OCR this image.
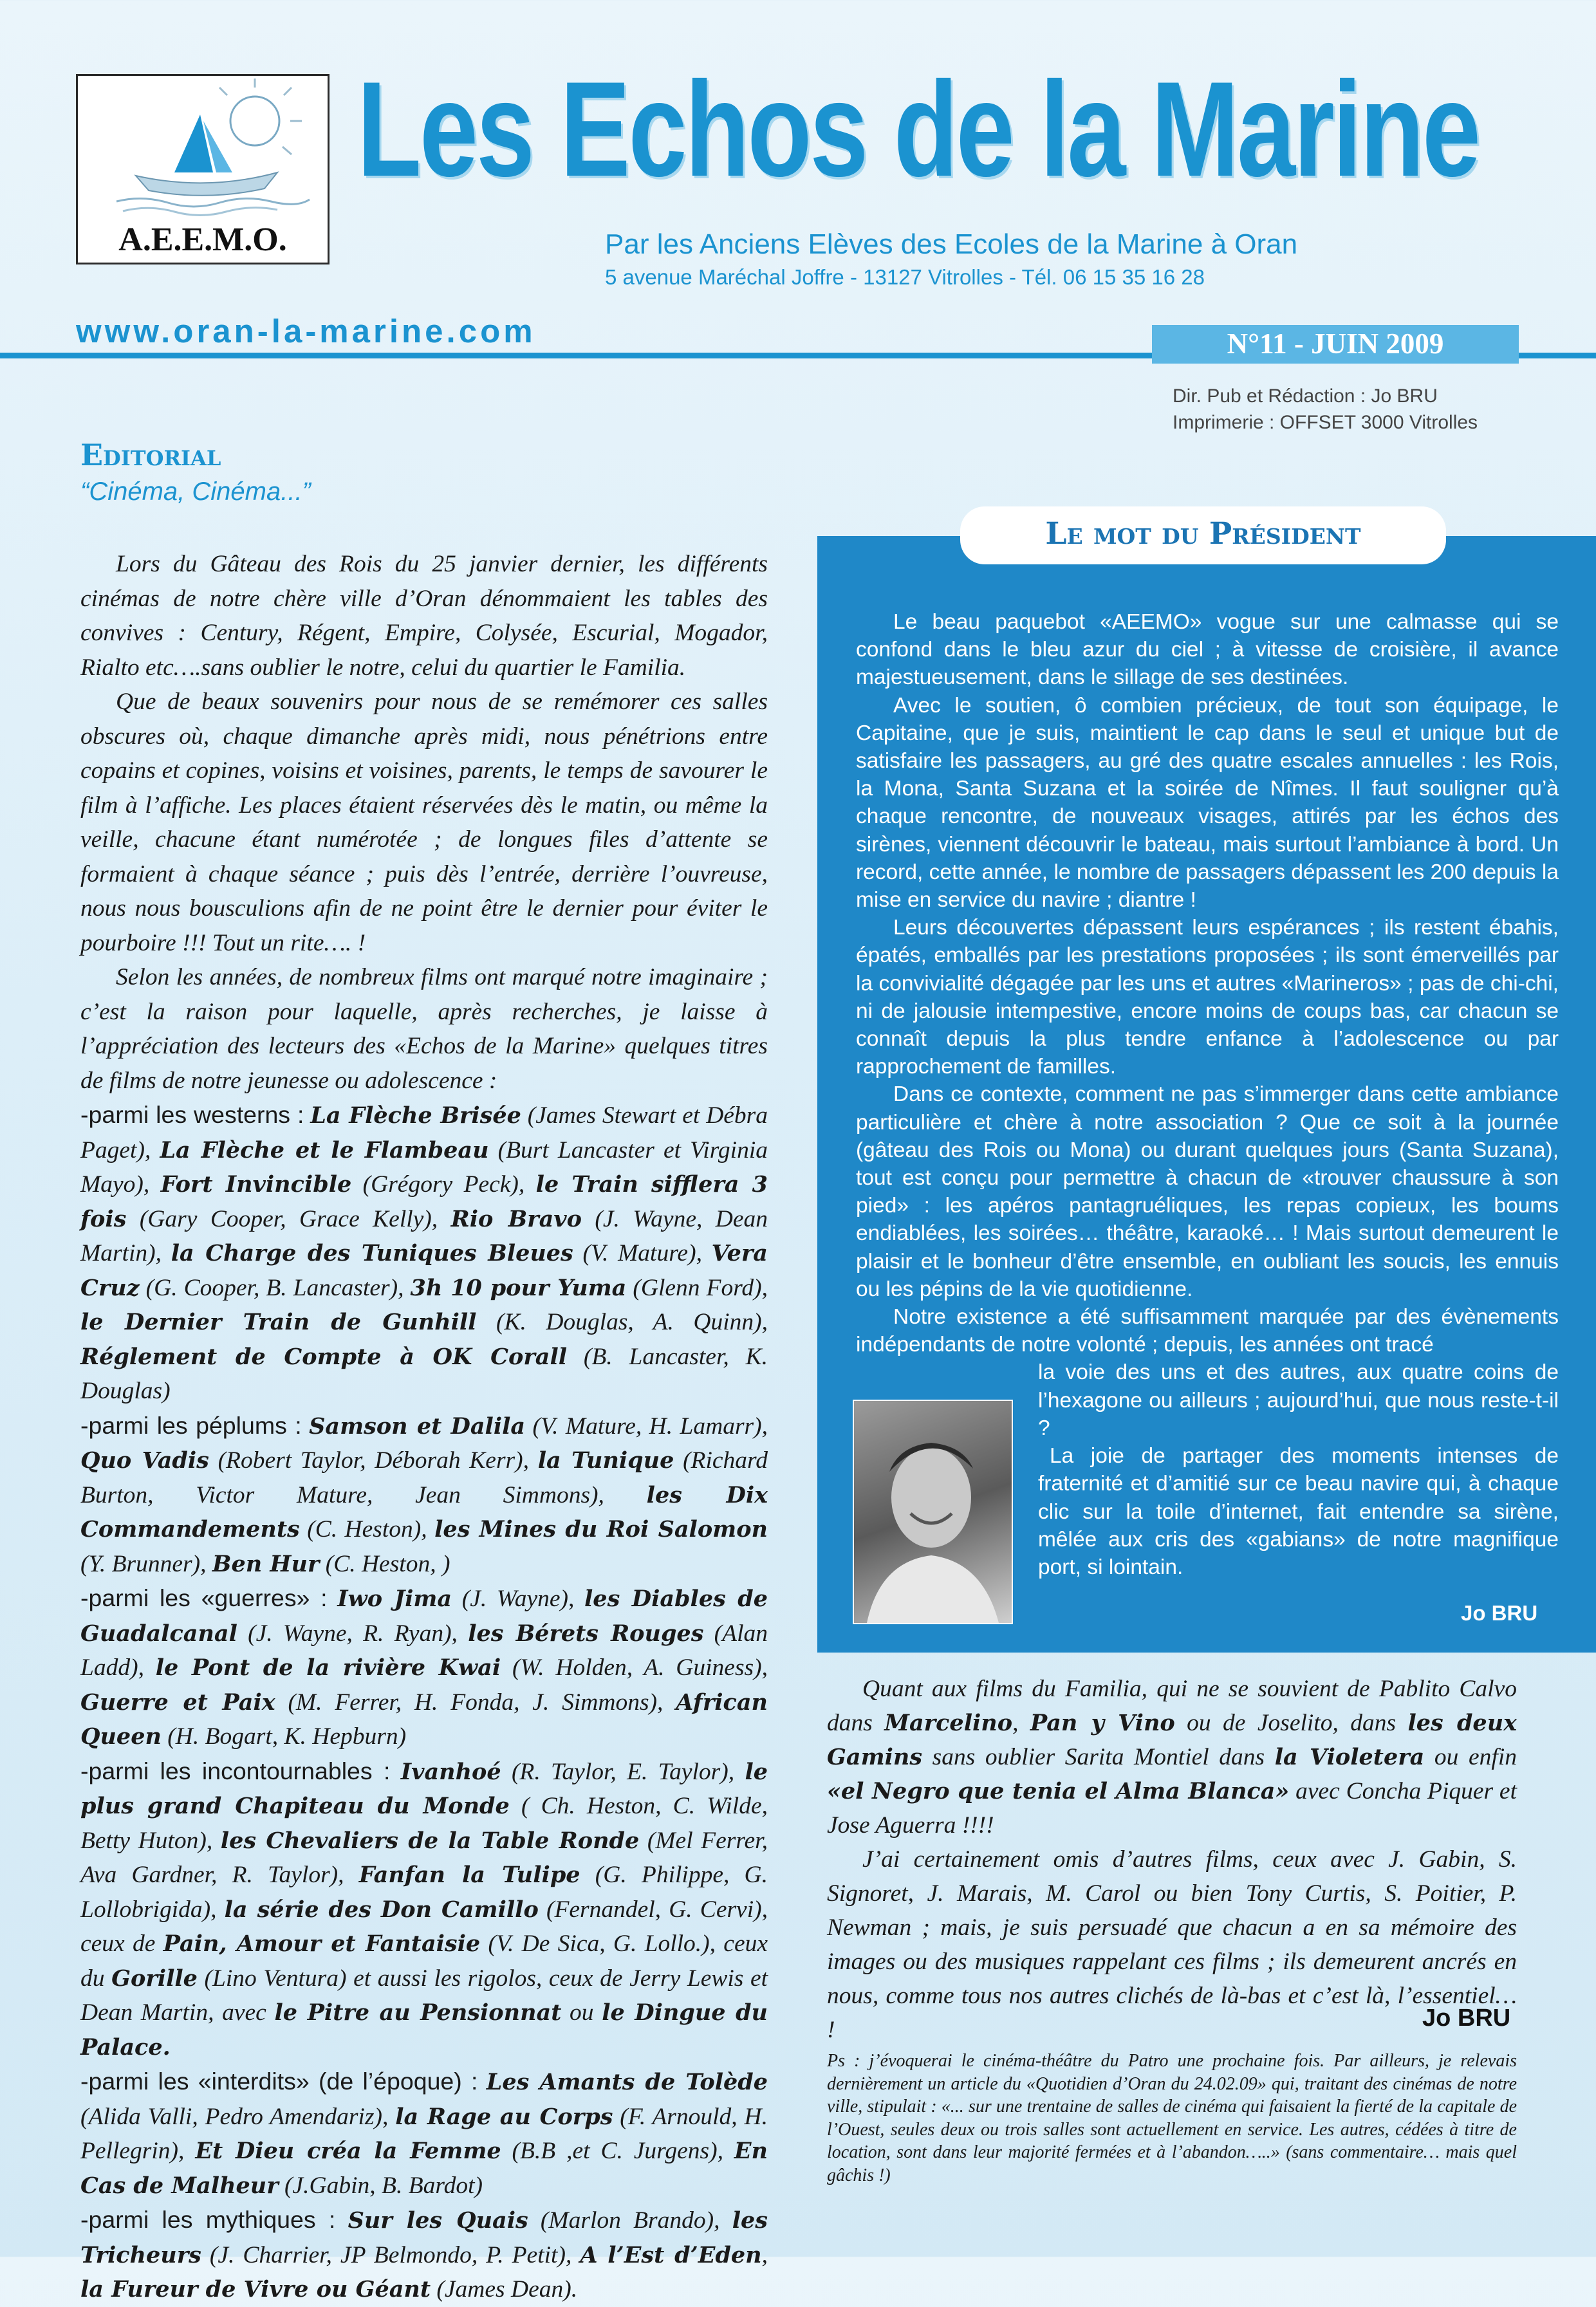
A.E.E.M.O.
Les Echos de la Marine
Par les Anciens Elèves des Ecoles de la Marine à Oran
5 avenue Maréchal Joffre - 13127 Vitrolles - Tél. 06 15 35 16 28
www.oran-la-marine.com	N°11 - JUIN 2009
Dir. Pub et Rédaction : Jo BRU
Imprimerie : OFFSET 3000 Vitrolles
Editorial
“Cinéma, Cinéma...”

Lors du Gâteau des Rois du 25 janvier dernier, les différents cinémas de notre chère ville d’Oran dénommaient les tables des convives : Century, Régent, Empire, Colysée, Escurial, Mogador, Rialto etc….sans oublier le notre, celui du quartier le Familia.

Que de beaux souvenirs pour nous de se remémorer ces salles obscures où, chaque dimanche après midi, nous pénétrions entre copains et copines, voisins et voisines, parents, le temps de savourer le film à l’affiche. Les places étaient réservées dès le matin, ou même la veille, chacune étant numérotée ; de longues files d’attente se formaient à chaque séance ; puis dès l’entrée, derrière l’ouvreuse, nous nous bousculions afin de ne point être le dernier pour éviter le pourboire !!! Tout un rite…. !

Selon les années, de nombreux films ont marqué notre imaginaire ; c’est la raison pour laquelle, après recherches, je laisse à l’appréciation des lecteurs des «Echos de la Marine» quelques titres de films de notre jeunesse ou adolescence :

-parmi les westerns : La Flèche Brisée (James Stewart et Débra Paget), La Flèche et le Flambeau (Burt Lancaster et Virginia Mayo), Fort Invincible (Grégory Peck), le Train sifflera 3 fois (Gary Cooper, Grace Kelly), Rio Bravo (J. Wayne, Dean Martin), la Charge des Tuniques Bleues (V. Mature), Vera Cruz (G. Cooper, B. Lancaster), 3h 10 pour Yuma (Glenn Ford), le Dernier Train de Gunhill (K. Douglas, A. Quinn), Réglement de Compte à OK Corall (B. Lancaster, K. Douglas)

-parmi les péplums : Samson et Dalila (V. Mature, H. Lamarr), Quo Vadis (Robert Taylor, Déborah Kerr), la Tunique (Richard Burton, Victor Mature, Jean Simmons), les Dix Commandements (C. Heston), les Mines du Roi Salomon (Y. Brunner), Ben Hur (C. Heston, )

-parmi les «guerres» : Iwo Jima (J. Wayne), les Diables de Guadalcanal (J. Wayne, R. Ryan), les Bérets Rouges (Alan Ladd), le Pont de la rivière Kwai (W. Holden, A. Guiness), Guerre et Paix (M. Ferrer, H. Fonda, J. Simmons), African Queen (H. Bogart, K. Hepburn)

-parmi les incontournables : Ivanhoé (R. Taylor, E. Taylor), le plus grand Chapiteau du Monde ( Ch. Heston, C. Wilde, Betty Huton), les Chevaliers de la Table Ronde (Mel Ferrer, Ava Gardner, R. Taylor), Fanfan la Tulipe (G. Philippe, G. Lollobrigida), la série des Don Camillo (Fernandel, G. Cervi), ceux de Pain, Amour et Fantaisie (V. De Sica, G. Lollo.), ceux du Gorille (Lino Ventura) et aussi les rigolos, ceux de Jerry Lewis et Dean Martin, avec le Pitre au Pensionnat ou le Dingue du Palace.

-parmi les «interdits» (de l’époque) : Les Amants de Tolède (Alida Valli, Pedro Amendariz), la Rage au Corps (F. Arnould, H. Pellegrin), Et Dieu créa la Femme (B.B ,et C. Jurgens), En Cas de Malheur (J.Gabin, B. Bardot)

-parmi les mythiques : Sur les Quais (Marlon Brando), les Tricheurs (J. Charrier, JP Belmondo, P. Petit), A l’Est d’Eden, la Fureur de Vivre ou Géant (James Dean).

Le mot du Président

Le beau paquebot «AEEMO» vogue sur une calmasse qui se confond dans le bleu azur du ciel ; à vitesse de croisière, il avance majestueusement, dans le sillage de ses destinées.

Avec le soutien, ô combien précieux, de tout son équipage, le Capitaine, que je suis, maintient le cap dans le seul et unique but de satisfaire les passagers, au gré des quatre escales annuelles : les Rois, la Mona, Santa Suzana et la soirée de Nîmes. Il faut souligner qu’à chaque rencontre, de nouveaux visages, attirés par les échos des sirènes, viennent découvrir le bateau, mais surtout l’ambiance à bord. Un record, cette année, le nombre de passagers dépassent les 200 depuis la mise en service du navire ; diantre !

Leurs découvertes dépassent leurs espérances ; ils restent ébahis, épatés, emballés par les prestations proposées ; ils sont émerveillés par la convivialité dégagée par les uns et autres «Marineros» ; pas de chi-chi, ni de jalousie intempestive, encore moins de coups bas, car chacun se connaît depuis la plus tendre enfance à l’adolescence ou par rapprochement de familles.

Dans ce contexte, comment ne pas s’immerger dans cette ambiance particulière et chère à notre association ? Que ce soit à la journée (gâteau des Rois ou Mona) ou durant quelques jours (Santa Suzana), tout est conçu pour permettre à chacun de «trouver chaussure à son pied» : les apéros pantagruéliques, les repas copieux, les boums endiablées, les soirées… théâtre, karaoké… ! Mais surtout demeurent le plaisir et le bonheur d’être ensemble, en oubliant les soucis, les ennuis ou les pépins de la vie quotidienne.

Notre existence a été suffisamment marquée par des évènements indépendants de notre volonté ; depuis, les années ont tracé

la voie des uns et des autres, aux quatre coins de l’hexagone ou ailleurs ; aujourd’hui, que nous reste-t-il ?

La joie de partager des moments intenses de fraternité et d’amitié sur ce beau navire qui, à chaque clic sur la toile d’internet, fait entendre sa sirène, mêlée aux cris des «gabians» de notre magnifique port, si lointain.

Jo BRU

Quant aux films du Familia, qui ne se souvient de Pablito Calvo dans Marcelino, Pan y Vino ou de Joselito, dans les deux Gamins sans oublier Sarita Montiel dans la Violetera ou enfin «el Negro que tenia el Alma Blanca» avec Concha Piquer et Jose Aguerra !!!!

J’ai certainement omis d’autres films, ceux avec J. Gabin, S. Signoret, J. Marais, M. Carol ou bien Tony Curtis, S. Poitier, P. Newman ; mais, je suis persuadé que chacun a en sa mémoire des images ou des musiques rappelant ces films ; ils demeurent ancrés en nous, comme tous nos autres clichés de là-bas et c’est là, l’essentiel… !	Jo BRU
Ps : j’évoquerai le cinéma-théâtre du Patro une prochaine fois. Par ailleurs, je relevais dernièrement un article du «Quotidien d’Oran du 24.02.09» qui, traitant des cinémas de notre ville, stipulait : «... sur une trentaine de salles de cinéma qui faisaient la fierté de la capitale de l’Ouest, seules deux ou trois salles sont actuellement en service. Les autres, cédées à titre de location, sont dans leur majorité fermées et à l’abandon…..» (sans commentaire… mais quel gâchis !)
